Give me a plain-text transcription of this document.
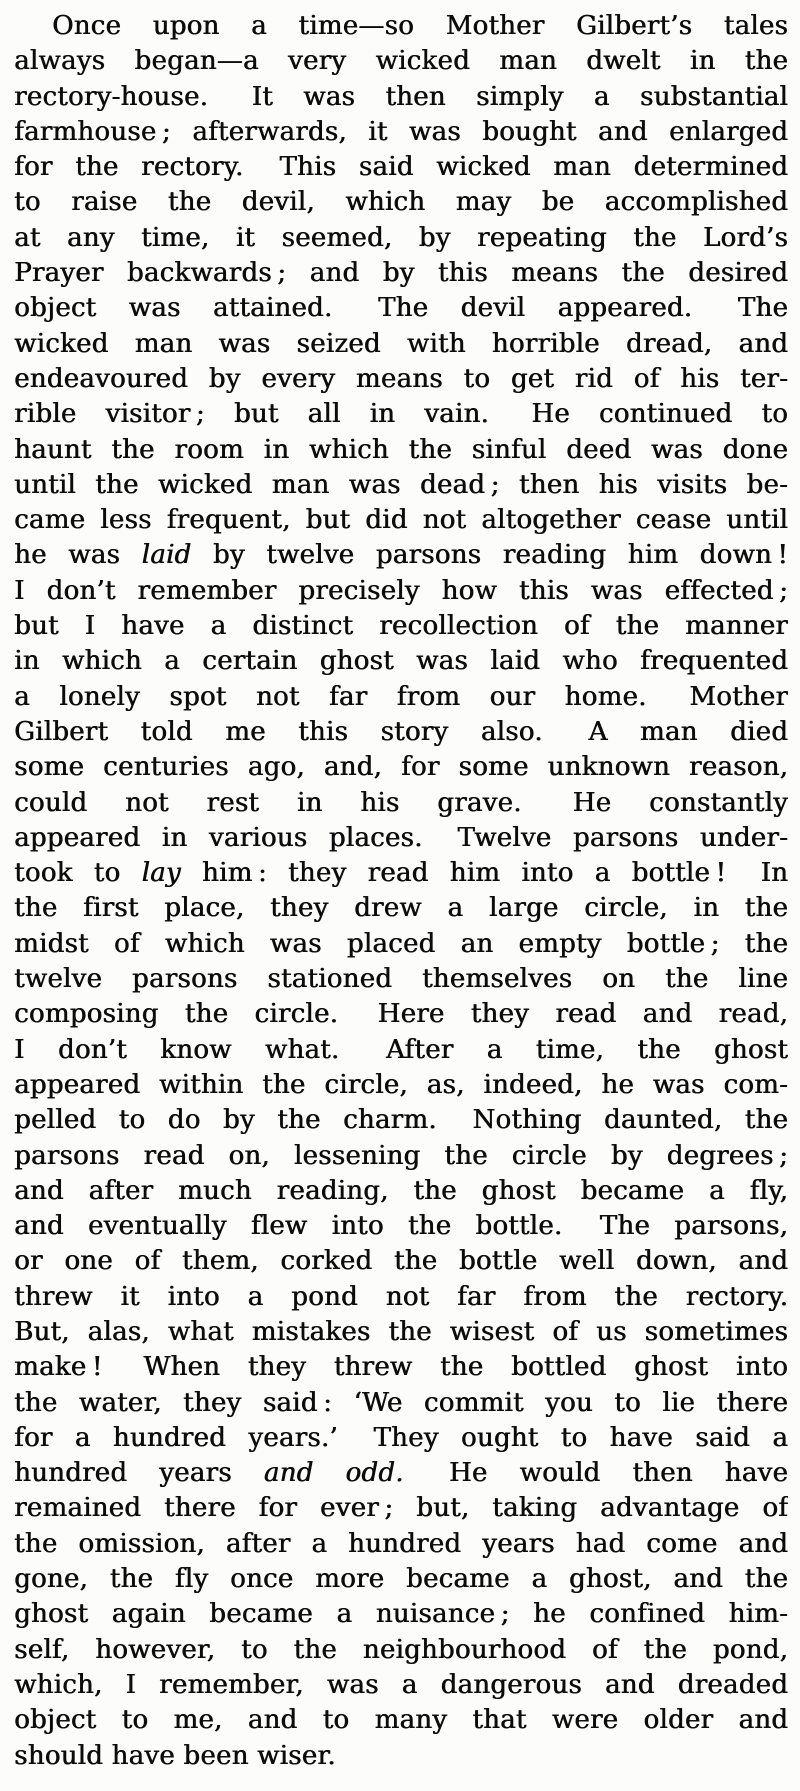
Once upon a time—so Mother Gilbert’s tales
always began—a very wicked man dwelt in the
rectory-house.  It was then simply a substantial
farmhouse ; afterwards, it was bought and enlarged
for the rectory.  This said wicked man determined
to raise the devil, which may be accomplished
at any time, it seemed, by repeating the Lord’s
Prayer backwards ; and by this means the desired
object was attained.  The devil appeared.  The
wicked man was seized with horrible dread, and
endeavoured by every means to get rid of his ter-
rible visitor ; but all in vain.  He continued to
haunt the room in which the sinful deed was done
until the wicked man was dead ; then his visits be-
came less frequent, but did not altogether cease until
he was laid by twelve parsons reading him down !
I don’t remember precisely how this was effected ;
but I have a distinct recollection of the manner
in which a certain ghost was laid who frequented
a lonely spot not far from our home.  Mother
Gilbert told me this story also.  A man died
some centuries ago, and, for some unknown reason,
could not rest in his grave.  He constantly
appeared in various places.  Twelve parsons under-
took to lay him : they read him into a bottle !  In
the first place, they drew a large circle, in the
midst of which was placed an empty bottle ; the
twelve parsons stationed themselves on the line
composing the circle.  Here they read and read,
I don’t know what.  After a time, the ghost
appeared within the circle, as, indeed, he was com-
pelled to do by the charm.  Nothing daunted, the
parsons read on, lessening the circle by degrees ;
and after much reading, the ghost became a fly,
and eventually flew into the bottle.  The parsons,
or one of them, corked the bottle well down, and
threw it into a pond not far from the rectory.
But, alas, what mistakes the wisest of us sometimes
make !  When they threw the bottled ghost into
the water, they said : ‘We commit you to lie there
for a hundred years.’  They ought to have said a
hundred years and odd.  He would then have
remained there for ever ; but, taking advantage of
the omission, after a hundred years had come and
gone, the fly once more became a ghost, and the
ghost again became a nuisance ; he confined him-
self, however, to the neighbourhood of the pond,
which, I remember, was a dangerous and dreaded
object to me, and to many that were older and
should have been wiser.
